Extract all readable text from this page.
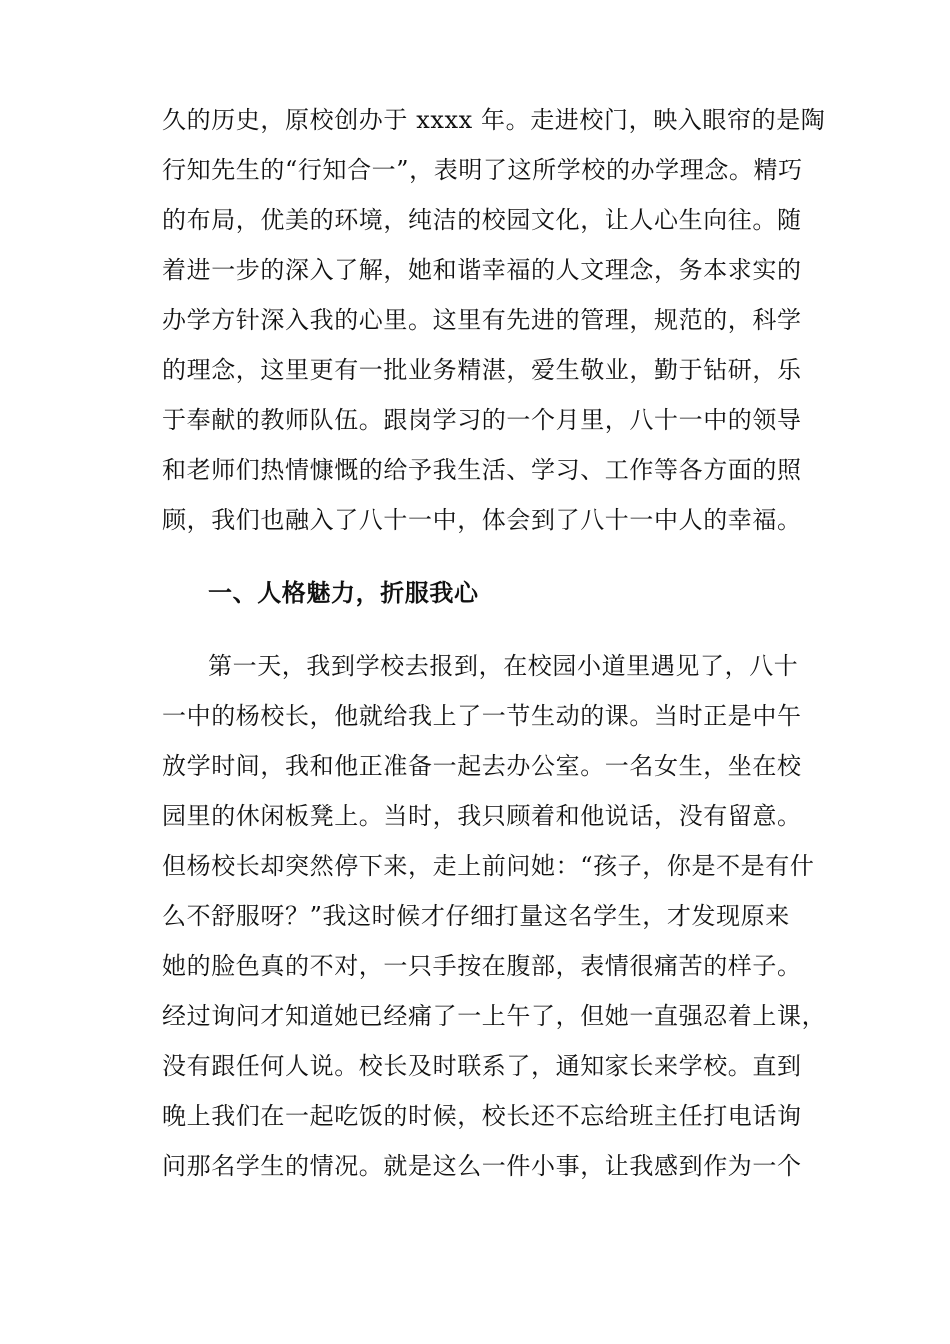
久的历史，原校创办于 xxxx 年。走进校门，映入眼帘的是陶
行知先生的“行知合一”，表明了这所学校的办学理念。精巧
的布局，优美的环境，纯洁的校园文化，让人心生向往。随
着进一步的深入了解，她和谐幸福的人文理念，务本求实的
办学方针深入我的心里。这里有先进的管理，规范的，科学
的理念，这里更有一批业务精湛，爱生敬业，勤于钻研，乐
于奉献的教师队伍。跟岗学习的一个月里，八十一中的领导
和老师们热情慷慨的给予我生活、学习、工作等各方面的照
顾，我们也融入了八十一中，体会到了八十一中人的幸福。
一、人格魅力，折服我心
第一天，我到学校去报到，在校园小道里遇见了，八十
一中的杨校长，他就给我上了一节生动的课。当时正是中午
放学时间，我和他正准备一起去办公室。一名女生，坐在校
园里的休闲板凳上。当时，我只顾着和他说话，没有留意。
但杨校长却突然停下来，走上前问她：“孩子，你是不是有什
么不舒服呀？”我这时候才仔细打量这名学生，才发现原来
她的脸色真的不对，一只手按在腹部，表情很痛苦的样子。
经过询问才知道她已经痛了一上午了，但她一直强忍着上课，
没有跟任何人说。校长及时联系了，通知家长来学校。直到
晚上我们在一起吃饭的时候，校长还不忘给班主任打电话询
问那名学生的情况。就是这么一件小事，让我感到作为一个
